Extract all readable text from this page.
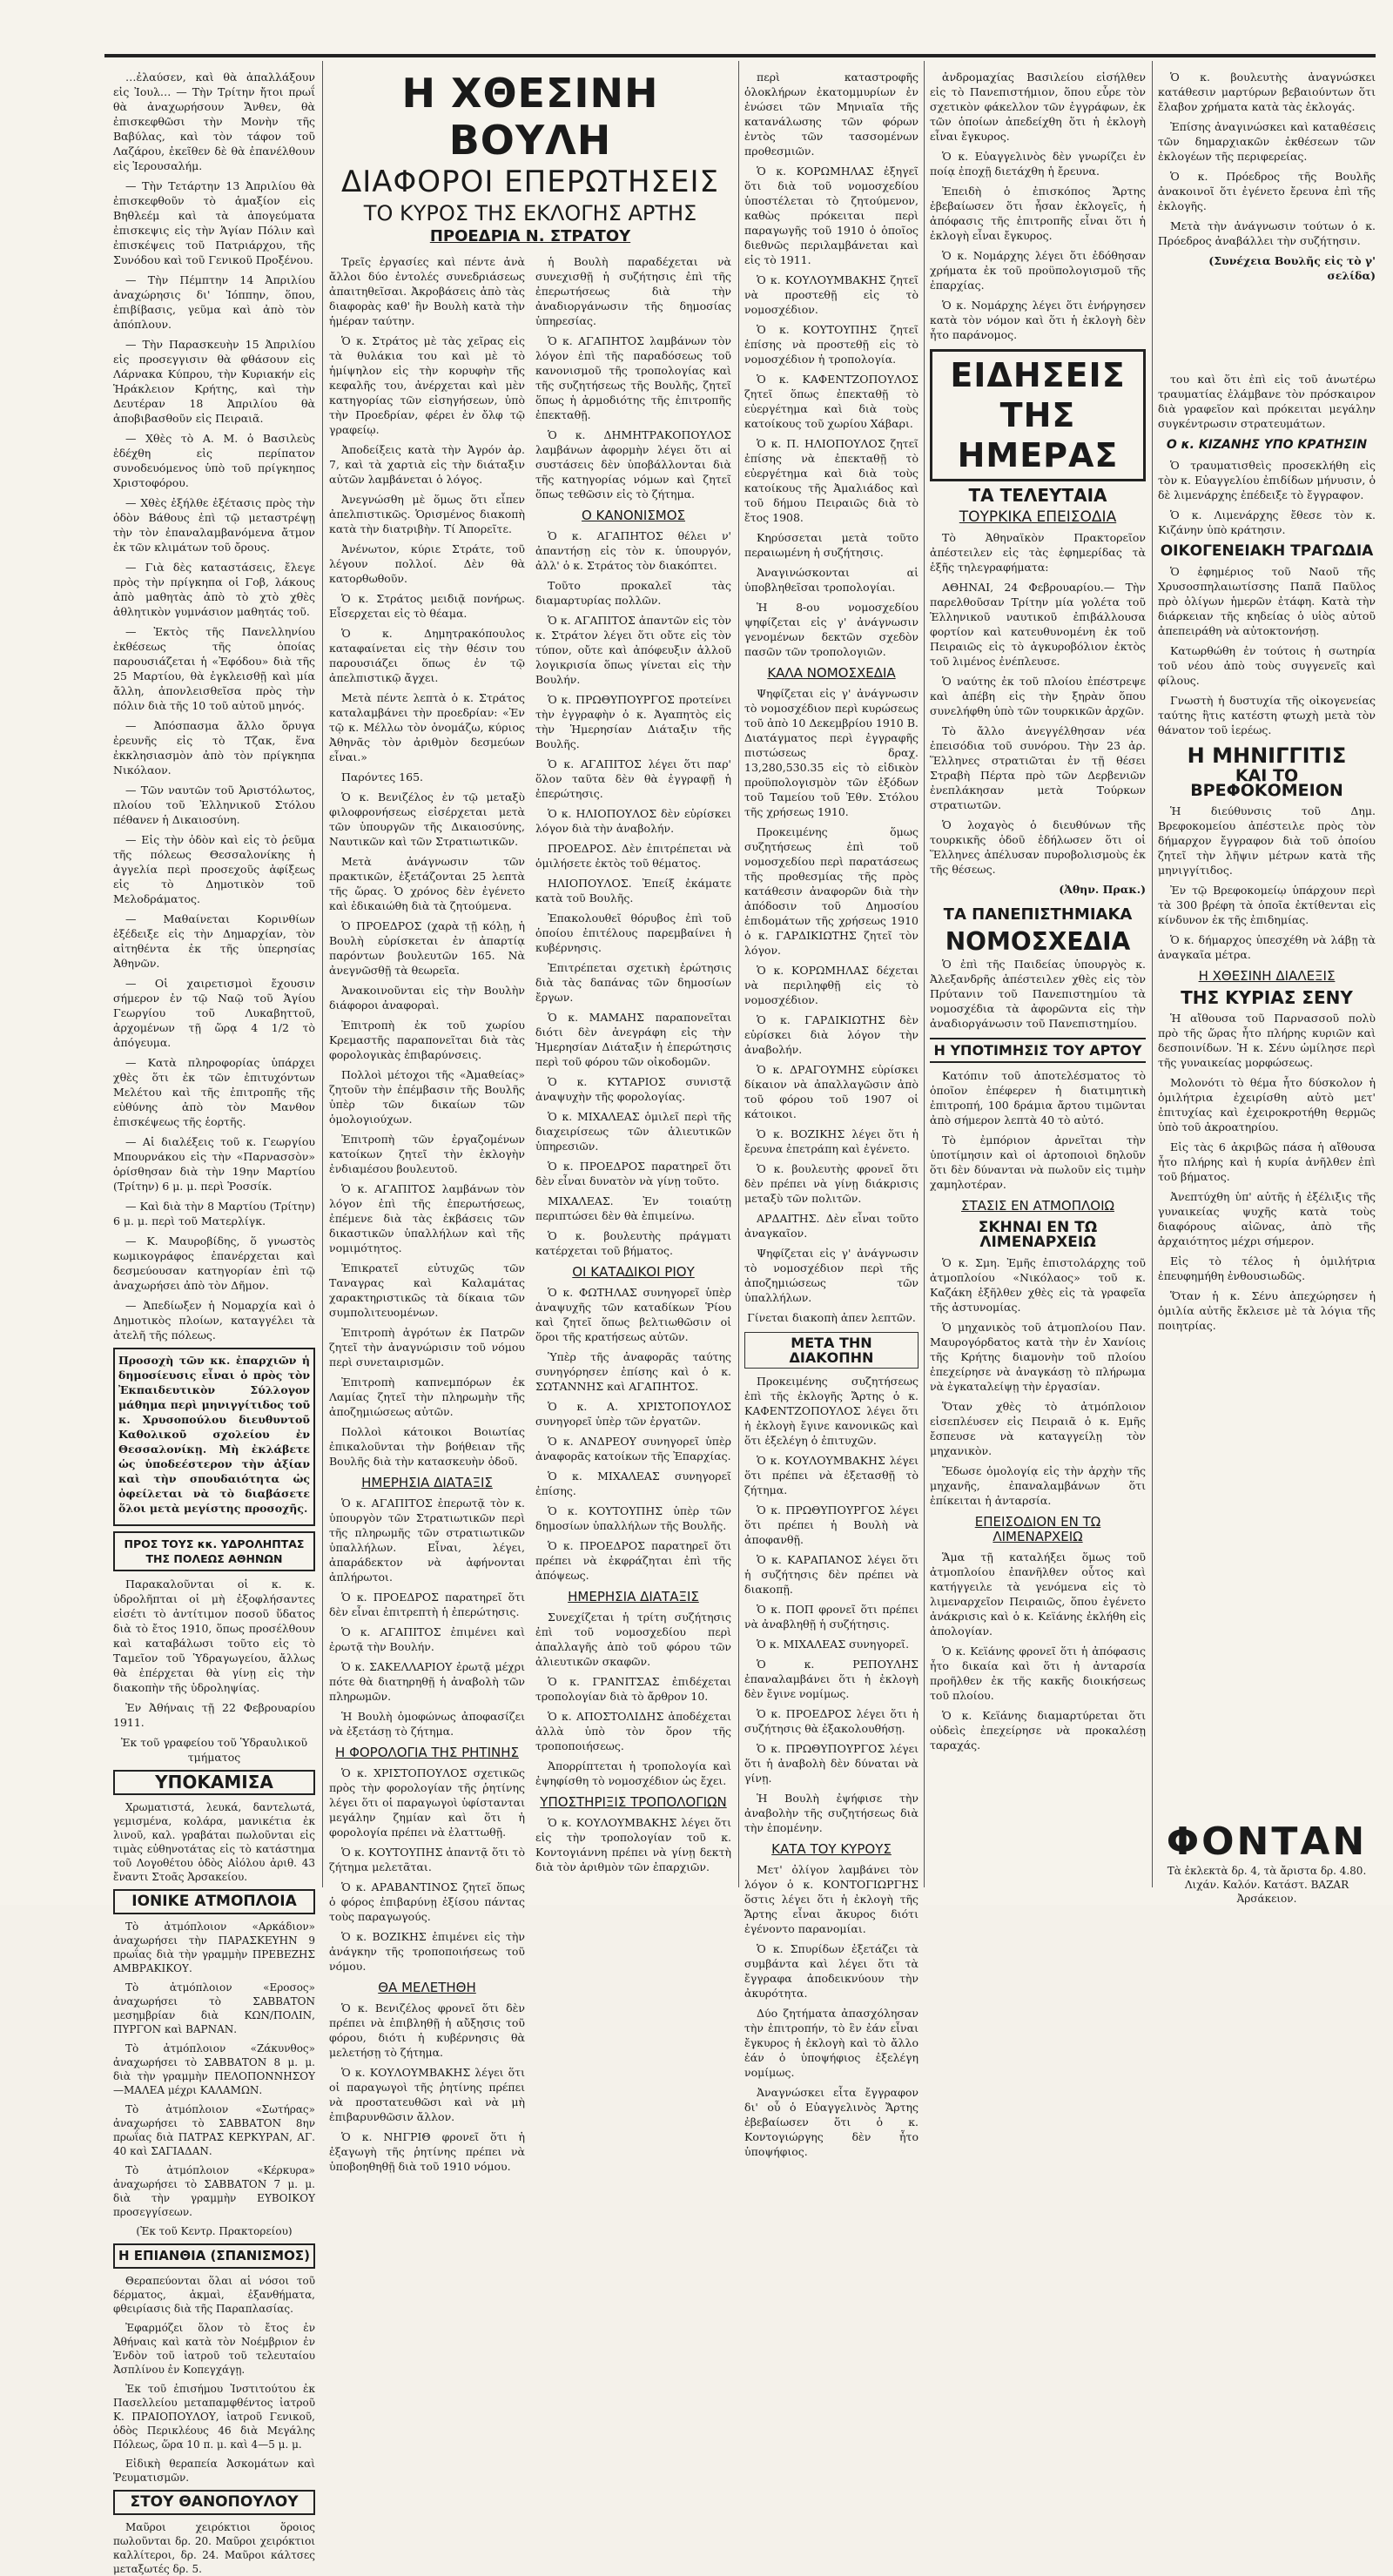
…ἐλαύσεν, καὶ θὰ ἀπαλλάξουν εἰς Ἰουλ… — Τὴν Τρίτην ἤτοι πρωΐ θὰ ἀναχωρήσουν Ἄνθεν, θὰ ἐπισκεφθῶσι τὴν Μονὴν τῆς Βαβύλας, καὶ τὸν τάφον τοῦ Λαζάρου, ἐκεῖθεν δὲ θὰ ἐπανέλθουν εἰς Ἱερουσαλήμ.

— Τὴν Τετάρτην 13 Ἀπριλίου θὰ ἐπισκεφθοῦν τὸ ἁμαξίον εἰς Βηθλεέμ καὶ τὰ ἀπογεύματα ἐπισκεψις εἰς τὴν Ἁγίαν Πόλιν καὶ ἐπισκέψεις τοῦ Πατριάρχου, τῆς Συνόδου καὶ τοῦ Γενικοῦ Προξένου.

— Τὴν Πέμπτην 14 Ἀπριλίου ἀναχώρησις δι' Ἰόππην, ὅπου, ἐπιβίβασις, γεῦμα καὶ ἀπὸ τὸν ἀπόπλουν.

— Τὴν Παρασκευὴν 15 Ἀπριλίου εἰς προσεγγισιν θὰ φθάσουν εἰς Λάρνακα Κύπρου, τὴν Κυριακήν εἰς Ἡράκλειον Κρήτης, καὶ τὴν Δευτέραν 18 Ἀπριλίου θὰ ἀποβιβασθοῦν εἰς Πειραιᾶ.

— Χθὲς τὸ Α. Μ. ὁ Βασιλεὺς ἐδέχθη εἰς περίπατον συνοδευόμενος ὑπὸ τοῦ πρίγκηπος Χριστοφόρου.

— Χθὲς ἐξήλθε ἐξέτασις πρὸς τὴν ὁδὸν Βάθους ἐπὶ τῷ μεταστρέψῃ τὴν τὸν ἐπαναλαμβανόμενα ἄτμον ἐκ τῶν κλιμάτων τοῦ ὄρους.

— Γιὰ δὲς καταστάσεις, ἔλεγε πρὸς τὴν πρίγκηπα οἱ Γοβ, λάκους ἀπὸ μαθητὰς ἀπὸ τὸ χτὸ χθὲς ἀθλητικὸν γυμνάσιον μαθητάς τοῦ.

— Ἐκτὸς τῆς Πανελληνίου ἐκθέσεως τῆς ὁποίας παρουσιάζεται ἡ «Ἐφόδου» διὰ τῆς 25 Μαρτίου, θὰ ἐγκλεισθῇ καὶ μία ἄλλη, ἀπονλεισθεῖσα πρὸς τὴν πόλιν διὰ τῆς 10 τοῦ αὐτοῦ μηνός.

— Ἀπόσπασμα ἄλλο ὅρυγα ἐρευνῆς εἰς τὸ Τζακ, ἕνα ἐκκλησιασμὸν ἀπὸ τὸν πρίγκηπα Νικόλαον.

— Τῶν ναυτῶν τοῦ Ἀριστόλωτος, πλοίου τοῦ Ἐλληνικοῦ Στόλου πέθανεν ἡ Δικαιοσύνη.

— Εἰς τὴν ὁδὸν καὶ εἰς τὸ ῥεῦμα τῆς πόλεως Θεσσαλονίκης ἡ ἀγγελία περὶ προσεχοῦς ἀφίξεως εἰς τὸ Δημοτικὸν τοῦ Μελοδράματος.

— Μαθαίνεται Κορινθίων ἐξέδειξε εἰς τὴν Δημαρχίαν, τὸν αἰτηθέντα ἐκ τῆς ὑπερησίας Ἀθηνῶν.

— Οἱ χαιρετισμοὶ ἔχουσιν σήμερον ἐν τῷ Ναῷ τοῦ Ἁγίου Γεωργίου τοῦ Λυκαβηττοῦ, ἀρχομένων τῇ ὥρᾳ 4 1/2 τὸ ἀπόγευμα.

— Κατὰ πληροφορίας ὑπάρχει χθὲς ὅτι ἐκ τῶν ἐπιτυχόντων Μελέτου καὶ τῆς ἐπιτροπῆς τῆς εὐθύνης ἀπὸ τὸν Μανθον ἐπισκέψεως τῆς ἑορτῆς.

— Αἱ διαλέξεις τοῦ κ. Γεωργίου Μπουρνάκου εἰς τὴν «Παρνασσὸν» ὁρίσθησαν διὰ τὴν 19ην Μαρτίου (Τρίτην) 6 μ. μ. περὶ Ῥοσσίκ.

— Καὶ διὰ τὴν 8 Μαρτίου (Τρίτην) 6 μ. μ. περὶ τοῦ Ματερλίγκ.

— Κ. Μαυροβίδης, ὅ γνωστὸς κωμικογράφος ἐπανέρχεται καὶ δεσμεύουσαν κατηγορίαν ἐπὶ τῷ ἀναχωρήσει ἀπὸ τὸν Δῆμον.

— Ἀπεδίωξεν ἡ Νομαρχία καὶ ὁ Δημοτικὸς πλοίων, καταγγέλει τὰ ἀτελῆ τῆς πόλεως.

Προσοχὴ τῶν κκ. ἐπαρχιῶν ἡ δημοσίευσις εἶναι ὁ πρὸς τὸν Ἐκπαιδευτικὸν Σύλλογον μάθημα περὶ μηνιγγίτιδος τοῦ κ. Χρυσοπούλου διευθυντοῦ Καθολικοῦ σχολείου ἐν Θεσσαλονίκῃ. Μὴ ἐκλάβετε ὡς ὑποδεέστερον τὴν ἀξίαν καὶ τὴν σπουδαιότητα ὡς ὀφείλεται νὰ τὸ διαβάσετε ὅλοι μετὰ μεγίστης προσοχῆς.

ΠΡΟΣ ΤΟΥΣ κκ. ΥΔΡΟΛΗΠΤΑΣ
ΤΗΣ ΠΟΛΕΩΣ ΑΘΗΝΩΝ

Παρακαλοῦνται οἱ κ. κ. ὑδρολῆπται οἱ μὴ ἐξοφλήσαντες εἰσέτι τὸ ἀντίτιμον ποσοῦ ὕδατος διὰ τὸ ἔτος 1910, ὅπως προσέλθουν καὶ καταβάλωσι τοῦτο εἰς τὸ Ταμεῖον τοῦ Ὑδραγωγείου, ἄλλως θὰ ἐπέρχεται θὰ γίνῃ εἰς τὴν διακοπὴν τῆς ὑδροληψίας.

Ἐν Ἀθήναις τῇ 22 Φεβρουαρίου 1911.

Ἐκ τοῦ γραφείου τοῦ Ὑδραυλικοῦ τμήματος

ΥΠΟΚΑΜΙΣΑ

Χρωματιστά, λευκά, δαντελωτά, γεμισμένα, κολάρα, μανικέτια ἐκ λινοῦ, καλ. γραβάται πωλοῦνται εἰς τιμὰς εὐθηνοτάτας εἰς τὸ κατάστημα τοῦ Λογοθέτου ὁδὸς Αἰόλου ἀριθ. 43 ἔναντι Στοᾶς Ἀρσακείου.

ΙΟΝΙΚΕ ΑΤΜΟΠΛΟΙΑ

Τὸ ἀτμόπλοιον «Αρκάδιον» ἀναχωρήσει τὴν ΠΑΡΑΣΚΕΥΗΝ 9 πρωΐας διὰ τὴν γραμμὴν ΠΡΕΒΕΖΗΣ ΑΜΒΡΑΚΙΚΟΥ.

Τὸ ἀτμόπλοιον «Εροσος» ἀναχωρήσει τὸ ΣΑΒΒΑΤΟΝ μεσημβρίαν διὰ ΚΩΝ/ΠΟΛΙΝ, ΠΥΡΓΟΝ καὶ ΒΑΡΝΑΝ.

Τὸ ἀτμόπλοιον «Ζάκυνθος» ἀναχωρήσει τὸ ΣΑΒΒΑΤΟΝ 8 μ. μ. διὰ τὴν γραμμὴν ΠΕΛΟΠΟΝΝΗΣΟΥ—ΜΑΛΕΑ μέχρι ΚΑΛΑΜΩΝ.

Τὸ ἀτμόπλοιον «Σωτήρας» ἀναχωρήσει τὸ ΣΑΒΒΑΤΟΝ 8ην πρωΐας διὰ ΠΑΤΡΑΣ ΚΕΡΚΥΡΑΝ, ΑΓ. 40 καὶ ΣΑΓΙΑΔΑΝ.

Τὸ ἀτμόπλοιον «Κέρκυρα» ἀναχωρήσει τὸ ΣΑΒΒΑΤΟΝ 7 μ. μ. διὰ τὴν γραμμὴν ΕΥΒΟΙΚΟΥ προσεγγίσεων.

(Ἐκ τοῦ Κεντρ. Πρακτορείου)

Η ΕΠΙΑΝΘΙΑ (ΣΠΑΝΙΣΜΟΣ)

Θεραπεύονται ὅλαι αἱ νόσοι τοῦ δέρματος, ἀκμαὶ, ἐξανθήματα, φθειρίασις διὰ τῆς Παραπλασίας.

Ἐφαρμόζει ὅλον τὸ ἔτος ἐν Ἀθήναις καὶ κατὰ τὸν Νοέμβριον ἐν Ἑνδὸν τοῦ ἰατροῦ τοῦ τελευταίου Ἀσπλίνου ἐν Κοπεγχάγῃ.

Ἐκ τοῦ ἐπισήμου Ἰνστιτούτου ἐκ Πασελλείου μεταπαμφθέντος ἰατροῦ Κ. ΠΡΑΙΟΠΟΥΛΟΥ, ἰατροῦ Γενικοῦ, ὁδὸς Περικλέους 46 διὰ Μεγάλης Πόλεως, ὥρα 10 π. μ. καὶ 4—5 μ. μ.

Εἰδικὴ θεραπεία Ἀσκομάτων καὶ Ῥευματισμῶν.

ΣΤΟΥ ΘΑΝΟΠΟΥΛΟΥ

Μαῦροι χειρόκτιοι ὅροιος πωλοῦνται δρ. 20. Μαῦροι χειρόκτιοι καλλίτεροι, δρ. 24. Μαῦροι κάλτσες μεταξωτές δρ. 5.

Η ΧΘΕΣΙΝΗ ΒΟΥΛΗ
ΔΙΑΦΟΡΟΙ ΕΠΕΡΩΤΗΣΕΙΣ
ΤΟ ΚΥΡΟΣ ΤΗΣ ΕΚΛΟΓΗΣ ΑΡΤΗΣ
ΠΡΟΕΔΡΙΑ Ν. ΣΤΡΑΤΟΥ

Τρεῖς ἐργασίες καὶ πέντε ἀνὰ ἄλλοι δύο ἐντολές συνεδριάσεως ἀπαιτηθεῖσαι. Ἀκροβάσεις ἀπὸ τὰς διαφορὰς καθ' ἣν Βουλὴ κατὰ τὴν ἡμέραν ταύτην.

Ὁ κ. Στράτος μὲ τὰς χεῖρας εἰς τὰ θυλάκια του καὶ μὲ τὸ ἡμίψηλον εἰς τὴν κορυφὴν τῆς κεφαλῆς του, ἀνέρχεται καὶ μὲν κατηγορίας τῶν εἰσηγήσεων, ὑπὸ τὴν Προεδρίαν, φέρει ἐν ὄλφ τῷ γραφείῳ.

Ἀποδείξεις κατὰ τὴν Ἀγρόν ἀρ. 7, καὶ τὰ χαρτιὰ εἰς τὴν διάταξιν αὐτῶν λαμβάνεται ὁ λόγος.

Ἀνεγνώσθη μὲ ὅμως ὅτι εἶπεν ἀπελπιστικῶς. Ὁρισμένος διακοπὴ κατὰ τὴν διατριβὴν. Τί Ἀπορεῖτε.

Ἀνένωτον, κύριε Στράτε, τοῦ λέγουν πολλοί. Δὲν θὰ κατορθωθοῦν.

Ὁ κ. Στράτος μειδιᾷ πονήρως. Εἶσερχεται εἰς τὸ θέαμα.

Ὁ κ. Δημητρακόπουλος καταφαίνεται εἰς τὴν θέσιν του παρουσιάζει ὅπως ἐν τῷ ἀπελπιστικῷ ἄγχει.

Μετὰ πέντε λεπτὰ ὁ κ. Στράτος καταλαμβάνει τὴν προεδρίαν: «Ἐν τῷ κ. Μέλλω τὸν ὀνομάζω, κύριος Ἀθηνᾶς τὸν ἀριθμὸν δεσμεύων εἶναι.»

Παρόντες 165.

Ὁ κ. Βενιζέλος ἐν τῷ μεταξὺ φιλοφρονήσεως εἰσέρχεται μετὰ τῶν ὑπουργῶν τῆς Δικαιοσύνης, Ναυτικῶν καὶ τῶν Στρατιωτικῶν.

Μετὰ ἀνάγνωσιν τῶν πρακτικῶν, ἐξετάζονται 25 λεπτὰ τῆς ὥρας. Ὁ χρόνος δὲν ἐγένετο καὶ ἐδικαιώθη διὰ τὰ ζητούμενα.

Ὁ ΠΡΟΕΔΡΟΣ (χαρὰ τῇ κόλῃ, ἡ Βουλὴ εὑρίσκεται ἐν ἀπαρτίᾳ παρόντων βουλευτῶν 165. Νὰ ἀνεγνῶσθῇ τὰ θεωρεῖα.

Ἀνακοινοῦνται εἰς τὴν Βουλὴν διάφοροι ἀναφοραὶ.

Ἐπιτροπὴ ἐκ τοῦ χωρίου Κρεμαστῆς παραπονεῖται διὰ τὰς φορολογικὰς ἐπιβαρύνσεις.

Πολλοὶ μέτοχοι τῆς «Ἀμαθείας» ζητοῦν τὴν ἐπέμβασιν τῆς Βουλῆς ὑπὲρ τῶν δικαίων τῶν ὁμολογιούχων.

Ἐπιτροπὴ τῶν ἐργαζομένων κατοίκων ζητεῖ τὴν ἐκλογὴν ἐνδιαμέσου βουλευτοῦ.

Ὁ κ. ΑΓΑΠΙΤΟΣ λαμβάνων τὸν λόγον ἐπὶ τῆς ἐπερωτήσεως, ἐπέμενε διὰ τὰς ἐκβάσεις τῶν δικαστικῶν ὑπαλλήλων καὶ τῆς νομιμότητος.

Ἐπικρατεῖ εὐτυχῶς τῶν Ταναγρας καὶ Καλαμάτας χαρακτηριστικῶς τὰ δίκαια τῶν συμπολιτευομένων.

Ἐπιτροπὴ ἀγρότων ἐκ Πατρῶν ζητεῖ τὴν ἀναγνώρισιν τοῦ νόμου περὶ συνεταιρισμῶν.

Ἐπιτροπὴ καπνεμπόρων ἐκ Λαμίας ζητεῖ τὴν πληρωμὴν τῆς ἀποζημιώσεως αὐτῶν.

Πολλοὶ κάτοικοι Βοιωτίας ἐπικαλοῦνται τὴν βοήθειαν τῆς Βουλῆς διὰ τὴν κατασκευὴν ὁδοῦ.

ΗΜΕΡΗΣΙΑ ΔΙΑΤΑΞΙΣ

Ὁ κ. ΑΓΑΠΙΤΟΣ ἐπερωτᾷ τὸν κ. ὑπουργὸν τῶν Στρατιωτικῶν περὶ τῆς πληρωμῆς τῶν στρατιωτικῶν ὑπαλλήλων. Εἶναι, λέγει, ἀπαράδεκτον νὰ ἀφήνονται ἀπλήρωτοι.

Ὁ κ. ΠΡΟΕΔΡΟΣ παρατηρεῖ ὅτι δὲν εἶναι ἐπιτρεπτὴ ἡ ἐπερώτησις.

Ὁ κ. ΑΓΑΠΙΤΟΣ ἐπιμένει καὶ ἐρωτᾷ τὴν Βουλήν.

Ὁ κ. ΣΑΚΕΛΛΑΡΙΟΥ ἐρωτᾷ μέχρι πότε θὰ διατηρηθῇ ἡ ἀναβολὴ τῶν πληρωμῶν.

Ἡ Βουλὴ ὁμοφώνως ἀποφασίζει νὰ ἐξετάσῃ τὸ ζήτημα.

Η ΦΟΡΟΛΟΓΙΑ ΤΗΣ ΡΗΤΙΝΗΣ

Ὁ κ. ΧΡΙΣΤΟΠΟΥΛΟΣ σχετικῶς πρὸς τὴν φορολογίαν τῆς ῥητίνης λέγει ὅτι οἱ παραγωγοὶ ὑφίστανται μεγάλην ζημίαν καὶ ὅτι ἡ φορολογία πρέπει νὰ ἐλαττωθῇ.

Ὁ κ. ΚΟΥΤΟΥΠΗΣ ἀπαντᾷ ὅτι τὸ ζήτημα μελετᾶται.

Ὁ κ. ΑΡΑΒΑΝΤΙΝΟΣ ζητεῖ ὅπως ὁ φόρος ἐπιβαρύνῃ ἐξίσου πάντας τοὺς παραγωγούς.

Ὁ κ. ΒΟΖΙΚΗΣ ἐπιμένει εἰς τὴν ἀνάγκην τῆς τροποποιήσεως τοῦ νόμου.

ΘΑ ΜΕΛΕΤΗΘΗ

Ὁ κ. Βενιζέλος φρονεῖ ὅτι δὲν πρέπει νὰ ἐπιβληθῇ ἡ αὔξησις τοῦ φόρου, διότι ἡ κυβέρνησις θὰ μελετήσῃ τὸ ζήτημα.

Ὁ κ. ΚΟΥΛΟΥΜΒΑΚΗΣ λέγει ὅτι οἱ παραγωγοὶ τῆς ῥητίνης πρέπει νὰ προστατευθῶσι καὶ νὰ μὴ ἐπιβαρυνθῶσιν ἄλλον.

Ὁ κ. ΝΗΓΡΙΘ φρονεῖ ὅτι ἡ ἐξαγωγὴ τῆς ῥητίνης πρέπει νὰ ὑποβοηθηθῇ διὰ τοῦ 1910 νόμου.

ἡ Βουλὴ παραδέχεται νὰ συνεχισθῇ ἡ συζήτησις ἐπὶ τῆς ἐπερωτήσεως διὰ τὴν ἀναδιοργάνωσιν τῆς δημοσίας ὑπηρεσίας.

Ὁ κ. ΑΓΑΠΗΤΟΣ λαμβάνων τὸν λόγον ἐπὶ τῆς παραδόσεως τοῦ κανονισμοῦ τῆς τροπολογίας καὶ τῆς συζητήσεως τῆς Βουλῆς, ζητεῖ ὅπως ἡ ἀρμοδιότης τῆς ἐπιτροπῆς ἐπεκταθῇ.

Ὁ κ. ΔΗΜΗΤΡΑΚΟΠΟΥΛΟΣ λαμβάνων ἀφορμὴν λέγει ὅτι αἱ συστάσεις δὲν ὑποβάλλονται διὰ τῆς κατηγορίας νόμων καὶ ζητεῖ ὅπως τεθῶσιν εἰς τὸ ζήτημα.

Ο ΚΑΝΟΝΙΣΜΟΣ

Ὁ κ. ΑΓΑΠΗΤΟΣ θέλει ν' ἀπαντήσῃ εἰς τὸν κ. ὑπουργόν, ἀλλ' ὁ κ. Στράτος τὸν διακόπτει.

Τοῦτο προκαλεῖ τὰς διαμαρτυρίας πολλῶν.

Ὁ κ. ΑΓΑΠΙΤΟΣ ἀπαντῶν εἰς τὸν κ. Στράτον λέγει ὅτι οὔτε εἰς τὸν τύπον, οὔτε καὶ ἀπόφευξιν ἀλλοῦ λογικρισία ὅπως γίνεται εἰς τὴν Βουλήν.

Ὁ κ. ΠΡΩΘΥΠΟΥΡΓΟΣ προτείνει τὴν ἐγγραφὴν ὁ κ. Ἀγαπητὸς εἰς τὴν Ἡμερησίαν Διάταξιν τῆς Βουλῆς.

Ὁ κ. ΑΓΑΠΙΤΟΣ λέγει ὅτι παρ' ὅλον ταῦτα δὲν θὰ ἐγγραφῇ ἡ ἐπερώτησις.

Ὁ κ. ΗΛΙΟΠΟΥΛΟΣ δὲν εὑρίσκει λόγον διὰ τὴν ἀναβολήν.

ΠΡΟΕΔΡΟΣ. Δὲν ἐπιτρέπεται νὰ ὁμιλήσετε ἐκτὸς τοῦ θέματος.

ΗΛΙΟΠΟΥΛΟΣ. Ἐπείξ ἐκάματε κατὰ τοῦ Βουλῆς.

Ἐπακολουθεῖ θόρυβος ἐπὶ τοῦ ὁποίου ἐπιτέλους παρεμβαίνει ἡ κυβέρνησις.

Ἐπιτρέπεται σχετικὴ ἐρώτησις διὰ τὰς δαπάνας τῶν δημοσίων ἔργων.

Ὁ κ. ΜΑΜΑΗΣ παραπονεῖται διότι δὲν ἀνεγράφη εἰς τὴν Ἡμερησίαν Διάταξιν ἡ ἐπερώτησις περὶ τοῦ φόρου τῶν οἰκοδομῶν.

Ὁ κ. ΚΥΤΑΡΙΟΣ συνιστᾷ ἀναψυχὴν τῆς φορολογίας.

Ὁ κ. ΜΙΧΑΛΕΑΣ ὁμιλεῖ περὶ τῆς διαχειρίσεως τῶν ἀλιευτικῶν ὑπηρεσιῶν.

Ὁ κ. ΠΡΟΕΔΡΟΣ παρατηρεῖ ὅτι δὲν εἶναι δυνατὸν νὰ γίνῃ τοῦτο.

ΜΙΧΑΛΕΑΣ. Ἐν τοιαύτῃ περιπτώσει δὲν θὰ ἐπιμείνω.

Ὁ κ. βουλευτὴς πράγματι κατέρχεται τοῦ βήματος.

ΟΙ ΚΑΤΑΔΙΚΟΙ ΡΙΟΥ

Ὁ κ. ΦΩΤΗΛΑΣ συνηγορεῖ ὑπὲρ ἀναψυχῆς τῶν καταδίκων Ῥίου καὶ ζητεῖ ὅπως βελτιωθῶσιν οἱ ὅροι τῆς κρατήσεως αὐτῶν.

Ὑπὲρ τῆς ἀναφορᾶς ταύτης συνηγόρησεν ἐπίσης καὶ ὁ κ. ΣΩΤΑΝΝΗΣ καὶ ΑΓΑΠΗΤΟΣ.

Ὁ κ. Α. ΧΡΙΣΤΟΠΟΥΛΟΣ συνηγορεῖ ὑπὲρ τῶν ἐργατῶν.

Ὁ κ. ΑΝΔΡΕΟΥ συνηγορεῖ ὑπὲρ ἀναφορᾶς κατοίκων τῆς Ἐπαρχίας.

Ὁ κ. ΜΙΧΑΛΕΑΣ συνηγορεῖ ἐπίσης.

Ὁ κ. ΚΟΥΤΟΥΠΗΣ ὑπὲρ τῶν δημοσίων ὑπαλλήλων τῆς Βουλῆς.

Ὁ κ. ΠΡΟΕΔΡΟΣ παρατηρεῖ ὅτι πρέπει νὰ ἐκφράζηται ἐπὶ τῆς ἀπόψεως.

ΗΜΕΡΗΣΙΑ ΔΙΑΤΑΞΙΣ

Συνεχίζεται ἡ τρίτη συζήτησις ἐπὶ τοῦ νομοσχεδίου περὶ ἀπαλλαγῆς ἀπὸ τοῦ φόρου τῶν ἀλιευτικῶν σκαφῶν.

Ὁ κ. ΓΡΑΝΙΤΣΑΣ ἐπιδέχεται τροπολογίαν διὰ τὸ ἄρθρον 10.

Ὁ κ. ΑΠΟΣΤΟΛΙΔΗΣ ἀποδέχεται ἀλλὰ ὑπὸ τὸν ὅρον τῆς τροποποιήσεως.

Ἀπορρίπτεται ἡ τροπολογία καὶ ἐψηφίσθη τὸ νομοσχέδιον ὡς ἔχει.

ΥΠΟΣΤΗΡΙΞΙΣ ΤΡΟΠΟΛΟΓΙΩΝ

Ὁ κ. ΚΟΥΛΟΥΜΒΑΚΗΣ λέγει ὅτι εἰς τὴν τροπολογίαν τοῦ κ. Κοντογιάννη πρέπει νὰ γίνῃ δεκτὴ διὰ τὸν ἀριθμὸν τῶν ἐπαρχιῶν.

περὶ καταστροφῆς ὁλοκλήρων ἐκατομμυρίων ἐν ἑνώσει τῶν Μηνιαῖα τῆς κατανάλωσης τῶν φόρων ἐντὸς τῶν τασσομένων προθεσμιῶν.

Ὁ κ. ΚΟΡΩΜΗΛΑΣ ἐξηγεῖ ὅτι διὰ τοῦ νομοσχεδίου ὑποστέλεται τὸ ζητούμενον, καθὼς πρόκειται περὶ παραγωγῆς τοῦ 1910 ὁ ὁποῖος διεθνῶς περιλαμβάνεται καὶ εἰς τὸ 1911.

Ὁ κ. ΚΟΥΛΟΥΜΒΑΚΗΣ ζητεῖ νὰ προστεθῇ εἰς τὸ νομοσχέδιον.

Ὁ κ. ΚΟΥΤΟΥΠΗΣ ζητεῖ ἐπίσης νὰ προστεθῇ εἰς τὸ νομοσχέδιον ἡ τροπολογία.

Ὁ κ. ΚΑΦΕΝΤΖΟΠΟΥΛΟΣ ζητεῖ ὅπως ἐπεκταθῇ τὸ εὐεργέτημα καὶ διὰ τοὺς κατοίκους τοῦ χωρίου Χάβαρι.

Ὁ κ. Π. ΗΛΙΟΠΟΥΛΟΣ ζητεῖ ἐπίσης νὰ ἐπεκταθῇ τὸ εὐεργέτημα καὶ διὰ τοὺς κατοίκους τῆς Ἀμαλιάδος καὶ τοῦ δήμου Πειραιῶς διὰ τὸ ἔτος 1908.

Κηρύσσεται μετὰ τοῦτο περαιωμένη ἡ συζήτησις.

Ἀναγινώσκονται αἱ ὑποβληθεῖσαι τροπολογίαι.

Ἡ 8-ου νομοσχεδίου ψηφίζεται εἰς γ' ἀνάγνωσιν γενομένων δεκτῶν σχεδὸν πασῶν τῶν τροπολογιῶν.

ΚΑΛΑ ΝΟΜΟΣΧΕΔΙΑ

Ψηφίζεται εἰς γ' ἀνάγνωσιν τὸ νομοσχέδιον περὶ κυρώσεως τοῦ ἀπὸ 10 Δεκεμβρίου 1910 Β. Διατάγματος περὶ ἐγγραφῆς πιστώσεως δραχ. 13,280,530.35 εἰς τὸ εἰδικὸν προϋπολογισμὸν τῶν ἐξόδων τοῦ Ταμείου τοῦ Ἐθν. Στόλου τῆς χρήσεως 1910.

Προκειμένης ὅμως συζητήσεως ἐπὶ τοῦ νομοσχεδίου περὶ παρατάσεως τῆς προθεσμίας τῆς πρὸς κατάθεσιν ἀναφορῶν διὰ τὴν ἀπόδοσιν τοῦ Δημοσίου ἐπιδομάτων τῆς χρήσεως 1910 ὁ κ. ΓΑΡΔΙΚΙΩΤΗΣ ζητεῖ τὸν λόγον.

Ὁ κ. ΚΟΡΩΜΗΛΑΣ δέχεται νὰ περιληφθῇ εἰς τὸ νομοσχέδιον.

Ὁ κ. ΓΑΡΔΙΚΙΩΤΗΣ δὲν εὑρίσκει διὰ λόγον τὴν ἀναβολήν.

Ὁ κ. ΔΡΑΓΟΥΜΗΣ εὑρίσκει δίκαιον νὰ ἀπαλλαγῶσιν ἀπὸ τοῦ φόρου τοῦ 1907 οἱ κάτοικοι.

Ὁ κ. ΒΟΖΙΚΗΣ λέγει ὅτι ἡ ἔρευνα ἐπετράπη καὶ ἐγένετο.

Ὁ κ. βουλευτὴς φρονεῖ ὅτι δὲν πρέπει νὰ γίνῃ διάκρισις μεταξὺ τῶν πολιτῶν.

ΑΡΔΑΙΤΗΣ. Δὲν εἶναι τοῦτο ἀναγκαῖον.

Ψηφίζεται εἰς γ' ἀνάγνωσιν τὸ νομοσχέδιον περὶ τῆς ἀποζημιώσεως τῶν ὑπαλλήλων.

Γίνεται διακοπὴ ἀπεν λεπτῶν.

ΜΕΤΑ ΤΗΝ ΔΙΑΚΟΠΗΝ

Προκειμένης συζητήσεως ἐπὶ τῆς ἐκλογῆς Ἄρτης ὁ κ. ΚΑΦΕΝΤΖΟΠΟΥΛΟΣ λέγει ὅτι ἡ ἐκλογὴ ἔγινε κανονικῶς καὶ ὅτι ἐξελέγη ὁ ἐπιτυχῶν.

Ὁ κ. ΚΟΥΛΟΥΜΒΑΚΗΣ λέγει ὅτι πρέπει νὰ ἐξετασθῇ τὸ ζήτημα.

Ὁ κ. ΠΡΩΘΥΠΟΥΡΓΟΣ λέγει ὅτι πρέπει ἡ Βουλὴ νὰ ἀποφανθῇ.

Ὁ κ. ΚΑΡΑΠΑΝΟΣ λέγει ὅτι ἡ συζήτησις δὲν πρέπει νὰ διακοπῇ.

Ὁ κ. ΠΟΠ φρονεῖ ὅτι πρέπει νὰ ἀναβληθῇ ἡ συζήτησις.

Ὁ κ. ΜΙΧΑΛΕΑΣ συνηγορεῖ.

Ὁ κ. ΡΕΠΟΥΛΗΣ ἐπαναλαμβάνει ὅτι ἡ ἐκλογὴ δὲν ἔγινε νομίμως.

Ὁ κ. ΠΡΟΕΔΡΟΣ λέγει ὅτι ἡ συζήτησις θὰ ἐξακολουθήσῃ.

Ὁ κ. ΠΡΩΘΥΠΟΥΡΓΟΣ λέγει ὅτι ἡ ἀναβολὴ δὲν δύναται νὰ γίνῃ.

Ἡ Βουλὴ ἐψήφισε τὴν ἀναβολὴν τῆς συζητήσεως διὰ τὴν ἑπομένην.

ΚΑΤΑ ΤΟΥ ΚΥΡΟΥΣ

Μετ' ὀλίγον λαμβάνει τὸν λόγον ὁ κ. ΚΟΝΤΟΓΙΩΡΓΗΣ ὅστις λέγει ὅτι ἡ ἐκλογὴ τῆς Ἄρτης εἶναι ἄκυρος διότι ἐγένοντο παρανομίαι.

Ὁ κ. Σπυρίδων ἐξετάζει τὰ συμβάντα καὶ λέγει ὅτι τὰ ἔγγραφα ἀποδεικνύουν τὴν ἀκυρότητα.

Δύο ζητήματα ἀπασχόλησαν τὴν ἐπιτροπήν, τὸ ἓν ἐάν εἶναι ἔγκυρος ἡ ἐκλογὴ καὶ τὸ ἄλλο ἐάν ὁ ὑποψήφιος ἐξελέγη νομίμως.

Ἀναγνώσκει εἶτα ἔγγραφον δι' οὗ ὁ Εὐαγγελινὸς Ἄρτης ἐβεβαίωσεν ὅτι ὁ κ. Κοντογιώργης δὲν ἦτο ὑποψήφιος.

ἀνδρομαχίας Βασιλείου εἰσήλθεν εἰς τὸ Πανεπιστήμιον, ὅπου εὗρε τὸν σχετικὸν φάκελλον τῶν ἐγγράφων, ἐκ τῶν ὁποίων ἀπεδείχθη ὅτι ἡ ἐκλογὴ εἶναι ἔγκυρος.

Ὁ κ. Εὐαγγελινὸς δὲν γνωρίζει ἐν ποίᾳ ἐποχῇ διετάχθη ἡ ἔρευνα.

Ἐπειδὴ ὁ ἐπισκόπος Ἄρτης ἐβεβαίωσεν ὅτι ἦσαν ἐκλογεῖς, ἡ ἀπόφασις τῆς ἐπιτροπῆς εἶναι ὅτι ἡ ἐκλογὴ εἶναι ἔγκυρος.

Ὁ κ. Νομάρχης λέγει ὅτι ἐδόθησαν χρήματα ἐκ τοῦ προϋπολογισμοῦ τῆς ἐπαρχίας.

Ὁ κ. Νομάρχης λέγει ὅτι ἐνήργησεν κατὰ τὸν νόμον καὶ ὅτι ἡ ἐκλογὴ δὲν ἦτο παράνομος.

ΕΙΔΗΣΕΙΣ ΤΗΣ ΗΜΕΡΑΣ
ΤΑ ΤΕΛΕΥΤΑΙΑ
ΤΟΥΡΚΙΚΑ ΕΠΕΙΣΟΔΙΑ

Τὸ Ἀθηναϊκὸν Πρακτορεῖον ἀπέστειλεν εἰς τὰς ἐφημερίδας τὰ ἑξῆς τηλεγραφήματα:

ΑΘΗΝΑΙ, 24 Φεβρουαρίου.— Τὴν παρελθοῦσαν Τρίτην μία γολέτα τοῦ Ἑλληνικοῦ ναυτικοῦ ἐπιβάλλουσα φορτίον καὶ κατευθυνομένη ἐκ τοῦ Πειραιῶς εἰς τὸ ἀγκυροβόλιον ἐκτὸς τοῦ λιμένος ἐνέπλευσε.

Ὁ ναύτης ἐκ τοῦ πλοίου ἐπέστρεψε καὶ ἀπέβη εἰς τὴν ξηρὰν ὅπου συνελήφθη ὑπὸ τῶν τουρκικῶν ἀρχῶν.

Τὸ ἄλλο ἀνεγγέλθησαν νέα ἐπεισόδια τοῦ συνόρου. Τὴν 23 ἀρ. Ἕλληνες στρατιῶται ἐν τῇ θέσει Στραβὴ Πέρτα πρὸ τῶν Δερβενιῶν ἐνεπλάκησαν μετὰ Τούρκων στρατιωτῶν.

Ὁ λοχαγὸς ὁ διευθύνων τῆς τουρκικῆς ὁδοῦ ἐδήλωσεν ὅτι οἱ Ἕλληνες ἀπέλυσαν πυροβολισμοὺς ἐκ τῆς θέσεως.

(Ἀθην. Πρακ.)

ΤΑ ΠΑΝΕΠΙΣΤΗΜΙΑΚΑ
ΝΟΜΟΣΧΕΔΙΑ

Ὁ ἐπὶ τῆς Παιδείας ὑπουργὸς κ. Ἀλεξανδρῆς ἀπέστειλεν χθὲς εἰς τὸν Πρύτανιν τοῦ Πανεπιστημίου τὰ νομοσχέδια τὰ ἀφορῶντα εἰς τὴν ἀναδιοργάνωσιν τοῦ Πανεπιστημίου.

Η ΥΠΟΤΙΜΗΣΙΣ ΤΟΥ ΑΡΤΟΥ

Κατόπιν τοῦ ἀποτελέσματος τὸ ὁποῖον ἐπέφερεν ἡ διατιμητικὴ ἐπιτροπή, 100 δράμια ἄρτου τιμῶνται ἀπὸ σήμερον λεπτὰ 40 τὸ αὐτό.

Τὸ ἐμπόριον ἀρνεῖται τὴν ὑποτίμησιν καὶ οἱ ἀρτοποιοὶ δηλοῦν ὅτι δὲν δύνανται νὰ πωλοῦν εἰς τιμὴν χαμηλοτέραν.

ΣΤΑΣΙΣ ΕΝ ΑΤΜΟΠΛΟΙΩ
ΣΚΗΝΑΙ ΕΝ ΤΩ ΛΙΜΕΝΑΡΧΕΙΩ

Ὁ κ. Σμη. Ἐμῆς ἐπιστολάρχης τοῦ ἀτμοπλοίου «Νικόλαος» τοῦ κ. Καζάκη ἐξῆλθεν χθὲς εἰς τὰ γραφεῖα τῆς ἀστυνομίας.

Ὁ μηχανικὸς τοῦ ἀτμοπλοίου Παν. Μαυρογόρδατος κατὰ τὴν ἐν Χανίοις τῆς Κρήτης διαμονὴν τοῦ πλοίου ἐπεχείρησε νὰ ἀναγκάσῃ τὸ πλήρωμα νὰ ἐγκαταλείψῃ τὴν ἐργασίαν.

Ὅταν χθὲς τὸ ἀτμόπλοιον εἰσεπλέυσεν εἰς Πειραιᾶ ὁ κ. Εμῆς ἔσπευσε νὰ καταγγείλῃ τὸν μηχανικὸν.

Ἔδωσε ὁμολογίᾳ εἰς τὴν ἀρχὴν τῆς μηχανῆς, ἐπαναλαμβάνων ὅτι ἐπίκειται ἡ ἀνταρσία.

ΕΠΕΙΣΟΔΙΟΝ ΕΝ ΤΩ ΛΙΜΕΝΑΡΧΕΙΩ

Ἅμα τῇ καταλήξει ὅμως τοῦ ἀτμοπλοίου ἐπανῆλθεν οὗτος καὶ κατήγγειλε τὰ γενόμενα εἰς τὸ λιμεναρχεῖον Πειραιῶς, ὅπου ἐγένετο ἀνάκρισις καὶ ὁ κ. Κεϊάνης ἐκλήθη εἰς ἀπολογίαν.

Ὁ κ. Κεϊάνης φρονεῖ ὅτι ἡ ἀπόφασις ἦτο δικαία καὶ ὅτι ἡ ἀνταρσία προῆλθεν ἐκ τῆς κακῆς διοικήσεως τοῦ πλοίου.

Ὁ κ. Κεϊάνης διαμαρτύρεται ὅτι οὐδεὶς ἐπεχείρησε νὰ προκαλέσῃ ταραχάς.

Ὁ κ. βουλευτὴς ἀναγνώσκει κατάθεσιν μαρτύρων βεβαιούντων ὅτι ἔλαβον χρήματα κατὰ τὰς ἐκλογάς.

Ἐπίσης ἀναγινώσκει καὶ καταθέσεις τῶν δημαρχιακῶν ἐκθέσεων τῶν ἐκλογέων τῆς περιφερείας.

Ὁ κ. Πρόεδρος τῆς Βουλῆς ἀνακοινοῖ ὅτι ἐγένετο ἔρευνα ἐπὶ τῆς ἐκλογῆς.

Μετὰ τὴν ἀνάγνωσιν τούτων ὁ κ. Πρόεδρος ἀναβάλλει τὴν συζήτησιν.

(Συνέχεια Βουλῆς εἰς τὸ γ' σελίδα)

του καὶ ὅτι ἐπὶ εἰς τοῦ ἀνωτέρω τραυματίας ἐλάμβανε τὸν πρόσκαιρον διὰ γραφεῖον καὶ πρόκειται μεγάλην συγκέντρωσιν στρατευμάτων.

Ο κ. ΚΙΖΑΝΗΣ ΥΠΟ ΚΡΑΤΗΣΙΝ

Ὁ τραυματισθεὶς προσεκλήθη εἰς τὸν κ. Εὐαγγελίου ἐπιδίδων μήνυσιν, ὁ δὲ λιμενάρχης ἐπέδειξε τὸ ἔγγραφον.

Ὁ κ. Λιμενάρχης ἔθεσε τὸν κ. Κιζάνην ὑπὸ κράτησιν.

ΟΙΚΟΓΕΝΕΙΑΚΗ ΤΡΑΓΩΔΙΑ

Ὁ ἐφημέριος τοῦ Ναοῦ τῆς Χρυσοσπηλαιωτίσσης Παπᾶ Παῦλος πρὸ ὀλίγων ἡμερῶν ἐτάφη. Κατὰ τὴν διάρκειαν τῆς κηδείας ὁ υἱὸς αὐτοῦ ἀπεπειράθη νὰ αὐτοκτονήσῃ.

Κατωρθώθη ἐν τούτοις ἡ σωτηρία τοῦ νέου ἀπὸ τοὺς συγγενεῖς καὶ φίλους.

Γνωστὴ ἡ δυστυχία τῆς οἰκογενείας ταύτης ἣτις κατέστη φτωχὴ μετὰ τὸν θάνατον τοῦ ἱερέως.

Η ΜΗΝΙΓΓΙΤΙΣ
ΚΑΙ ΤΟ ΒΡΕΦΟΚΟΜΕΙΟΝ

Ἡ διεύθυνσις τοῦ Δημ. Βρεφοκομείου ἀπέστειλε πρὸς τὸν δήμαρχον ἔγγραφον διὰ τοῦ ὁποίου ζητεῖ τὴν λῆψιν μέτρων κατὰ τῆς μηνιγγίτιδος.

Ἐν τῷ Βρεφοκομείῳ ὑπάρχουν περὶ τὰ 300 βρέφη τὰ ὁποῖα ἐκτίθενται εἰς κίνδυνον ἐκ τῆς ἐπιδημίας.

Ὁ κ. δήμαρχος ὑπεσχέθη νὰ λάβῃ τὰ ἀναγκαῖα μέτρα.

Η ΧΘΕΣΙΝΗ ΔΙΑΛΕΞΙΣ
ΤΗΣ ΚΥΡΙΑΣ ΣΕΝΥ

Ἡ αἴθουσα τοῦ Παρνασσοῦ πολὺ πρὸ τῆς ὥρας ἦτο πλήρης κυριῶν καὶ δεσποινίδων. Ἡ κ. Σένυ ὡμίλησε περὶ τῆς γυναικείας μορφώσεως.

Μολονότι τὸ θέμα ἦτο δύσκολον ἡ ὁμιλήτρια ἐχειρίσθη αὐτὸ μετ' ἐπιτυχίας καὶ ἐχειροκροτήθη θερμῶς ὑπὸ τοῦ ἀκροατηρίου.

Εἰς τὰς 6 ἀκριβῶς πάσα ἡ αἴθουσα ἦτο πλήρης καὶ ἡ κυρία ἀνῆλθεν ἐπὶ τοῦ βήματος.

Ἀνεπτύχθη ὑπ' αὐτῆς ἡ ἐξέλιξις τῆς γυναικείας ψυχῆς κατὰ τοὺς διαφόρους αἰῶνας, ἀπὸ τῆς ἀρχαιότητος μέχρι σήμερον.

Εἰς τὸ τέλος ἡ ὁμιλήτρια ἐπευφημήθη ἐνθουσιωδῶς.

Ὅταν ἡ κ. Σένυ ἀπεχώρησεν ἡ ὁμιλία αὐτῆς ἔκλεισε μὲ τὰ λόγια τῆς ποιητρίας.

ΦΟΝΤΑΝ

Τὰ ἐκλεκτὰ δρ. 4, τὰ ἄριστα δρ. 4.80. Λιχάν. Καλόν. Κατάστ. BAZAR Ἀρσάκειον.
